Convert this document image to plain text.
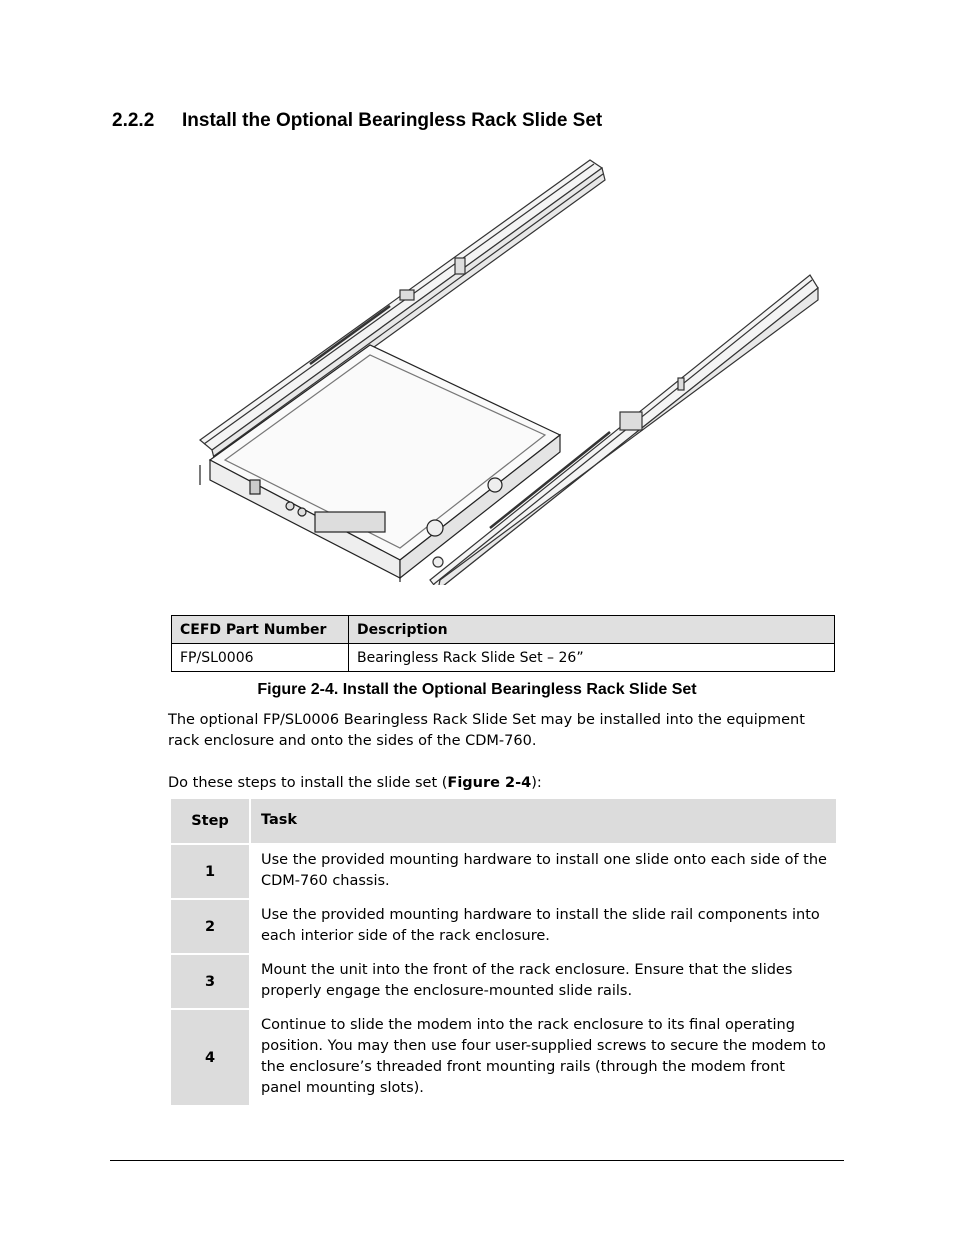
2.2.2 Install the Optional Bearingless Rack Slide Set
CEFD Part Number	Description
FP/SL0006	Bearingless Rack Slide Set – 26”
Figure 2-4. Install the Optional Bearingless Rack Slide Set
The optional FP/SL0006 Bearingless Rack Slide Set may be installed into the equipment rack enclosure and onto the sides of the CDM-760.
Do these steps to install the slide set (Figure 2-4):
Step	Task
1	Use the provided mounting hardware to install one slide onto each side of the CDM-760 chassis.
2	Use the provided mounting hardware to install the slide rail components into each interior side of the rack enclosure.
3	Mount the unit into the front of the rack enclosure. Ensure that the slides properly engage the enclosure-mounted slide rails.
4	Continue to slide the modem into the rack enclosure to its final operating position. You may then use four user-supplied screws to secure the modem to the enclosure’s threaded front mounting rails (through the modem front panel mounting slots).
